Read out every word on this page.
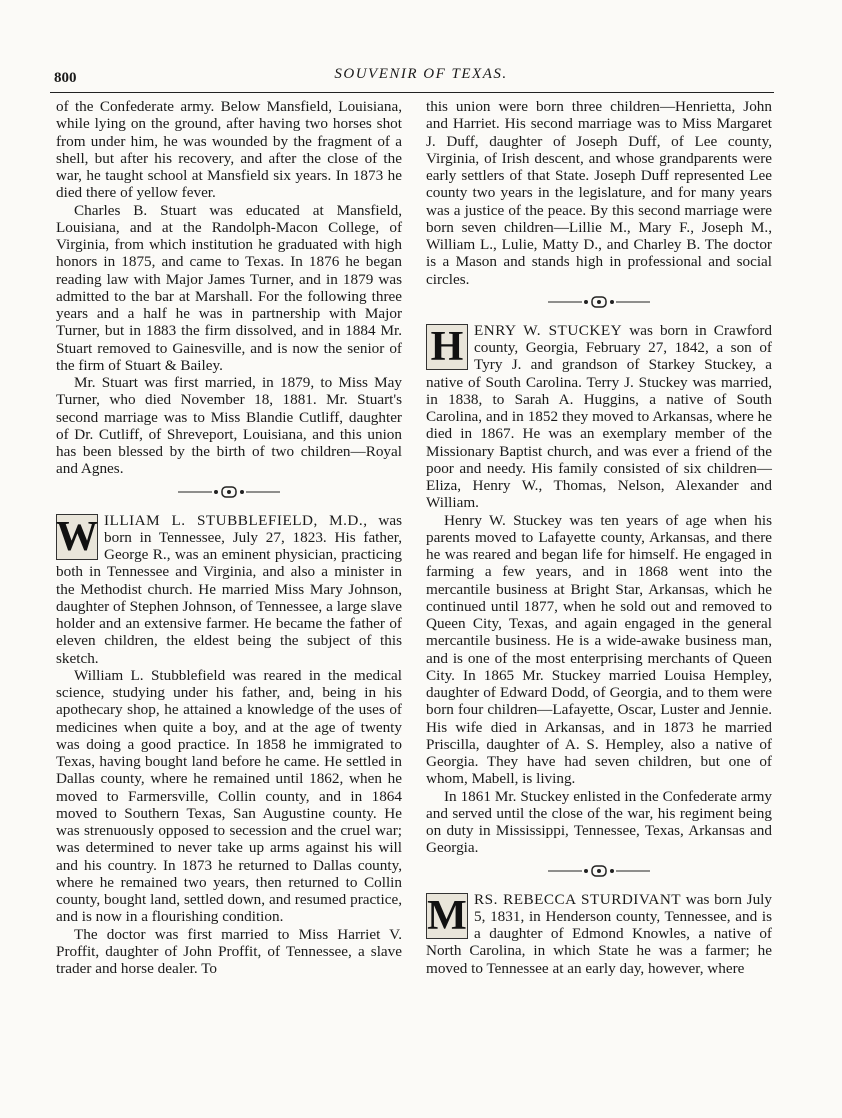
800	SOUVENIR OF TEXAS.

of the Confederate army. Below Mansfield, Louisiana, while lying on the ground, after having two horses shot from under him, he was wounded by the fragment of a shell, but after his recovery, and after the close of the war, he taught school at Mansfield six years. In 1873 he died there of yellow fever.

Charles B. Stuart was educated at Mansfield, Louisiana, and at the Randolph-Macon College, of Virginia, from which institution he graduated with high honors in 1875, and came to Texas. In 1876 he began reading law with Major James Turner, and in 1879 was admitted to the bar at Marshall. For the following three years and a half he was in partnership with Major Turner, but in 1883 the firm dissolved, and in 1884 Mr. Stuart removed to Gainesville, and is now the senior of the firm of Stuart & Bailey.

Mr. Stuart was first married, in 1879, to Miss May Turner, who died November 18, 1881. Mr. Stuart's second marriage was to Miss Blandie Cutliff, daughter of Dr. Cutliff, of Shreveport, Louisiana, and this union has been blessed by the birth of two children—Royal and Agnes.

W ILLIAM L. STUBBLEFIELD, M.D., was born in Tennessee, July 27, 1823. His father, George R., was an eminent physician, practicing both in Tennessee and Virginia, and also a minister in the Methodist church. He married Miss Mary Johnson, daughter of Stephen Johnson, of Tennessee, a large slave holder and an extensive farmer. He became the father of eleven children, the eldest being the subject of this sketch.

William L. Stubblefield was reared in the medical science, studying under his father, and, being in his apothecary shop, he attained a knowledge of the uses of medicines when quite a boy, and at the age of twenty was doing a good practice. In 1858 he immigrated to Texas, having bought land before he came. He settled in Dallas county, where he remained until 1862, when he moved to Farmersville, Collin county, and in 1864 moved to Southern Texas, San Augustine county. He was strenuously opposed to secession and the cruel war; was determined to never take up arms against his will and his country. In 1873 he returned to Dallas county, where he remained two years, then returned to Collin county, bought land, settled down, and resumed practice, and is now in a flourishing condition.

The doctor was first married to Miss Harriet V. Proffit, daughter of John Proffit, of Tennessee, a slave trader and horse dealer. To

this union were born three children—Henrietta, John and Harriet. His second marriage was to Miss Margaret J. Duff, daughter of Joseph Duff, of Lee county, Virginia, of Irish descent, and whose grandparents were early settlers of that State. Joseph Duff represented Lee county two years in the legislature, and for many years was a justice of the peace. By this second marriage were born seven children—Lillie M., Mary F., Joseph M., William L., Lulie, Matty D., and Charley B. The doctor is a Mason and stands high in professional and social circles.

H ENRY W. STUCKEY was born in Crawford county, Georgia, February 27, 1842, a son of Tyry J. and grandson of Starkey Stuckey, a native of South Carolina. Terry J. Stuckey was married, in 1838, to Sarah A. Huggins, a native of South Carolina, and in 1852 they moved to Arkansas, where he died in 1867. He was an exemplary member of the Missionary Baptist church, and was ever a friend of the poor and needy. His family consisted of six children—Eliza, Henry W., Thomas, Nelson, Alexander and William.

Henry W. Stuckey was ten years of age when his parents moved to Lafayette county, Arkansas, and there he was reared and began life for himself. He engaged in farming a few years, and in 1868 went into the mercantile business at Bright Star, Arkansas, which he continued until 1877, when he sold out and removed to Queen City, Texas, and again engaged in the general mercantile business. He is a wide-awake business man, and is one of the most enterprising merchants of Queen City. In 1865 Mr. Stuckey married Louisa Hempley, daughter of Edward Dodd, of Georgia, and to them were born four children—Lafayette, Oscar, Luster and Jennie. His wife died in Arkansas, and in 1873 he married Priscilla, daughter of A. S. Hempley, also a native of Georgia. They have had seven children, but one of whom, Mabell, is living.

In 1861 Mr. Stuckey enlisted in the Confederate army and served until the close of the war, his regiment being on duty in Mississippi, Tennessee, Texas, Arkansas and Georgia.

M RS. REBECCA STURDIVANT was born July 5, 1831, in Henderson county, Tennessee, and is a daughter of Edmond Knowles, a native of North Carolina, in which State he was a farmer; he moved to Tennessee at an early day, however, where
